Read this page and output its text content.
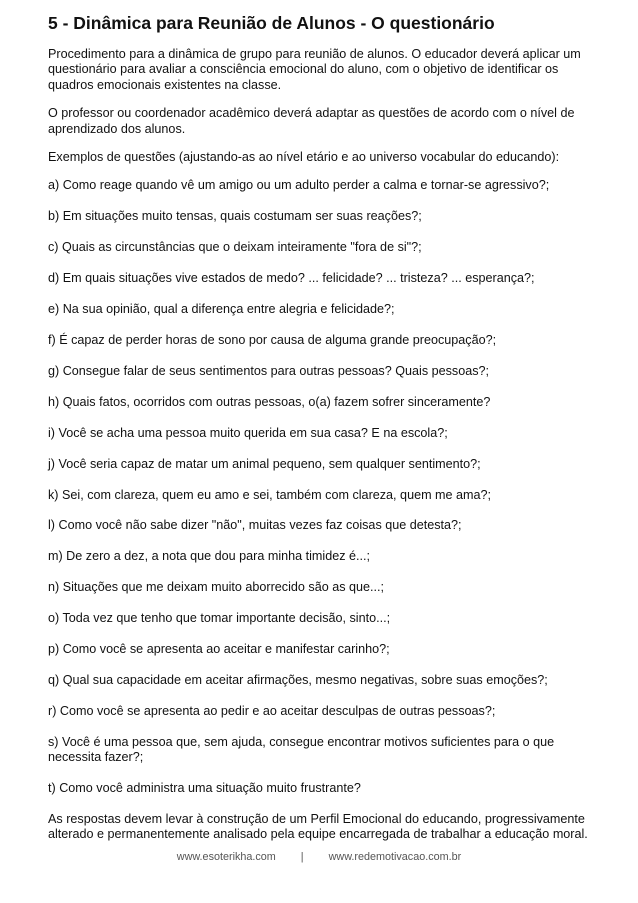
5 - Dinâmica para Reunião de Alunos - O questionário

Procedimento para a dinâmica de grupo para reunião de alunos. O educador deverá aplicar um questionário para avaliar a consciência emocional do aluno, com o objetivo de identificar os quadros emocionais existentes na classe.

O professor ou coordenador acadêmico deverá adaptar as questões de acordo com o nível de aprendizado dos alunos.

Exemplos de questões (ajustando-as ao nível etário e ao universo vocabular do educando):

a) Como reage quando vê um amigo ou um adulto perder a calma e tornar-se agressivo?;

b) Em situações muito tensas, quais costumam ser suas reações?;

c) Quais as circunstâncias que o deixam inteiramente "fora de si"?;

d) Em quais situações vive estados de medo? ... felicidade? ... tristeza? ... esperança?;

e) Na sua opinião, qual a diferença entre alegria e felicidade?;

f) É capaz de perder horas de sono por causa de alguma grande preocupação?;

g) Consegue falar de seus sentimentos para outras pessoas? Quais pessoas?;

h) Quais fatos, ocorridos com outras pessoas, o(a) fazem sofrer sinceramente?

i) Você se acha uma pessoa muito querida em sua casa? E na escola?;

j) Você seria capaz de matar um animal pequeno, sem qualquer sentimento?;

k) Sei, com clareza, quem eu amo e sei, também com clareza, quem me ama?;

l) Como você não sabe dizer "não", muitas vezes faz coisas que detesta?;

m) De zero a dez, a nota que dou para minha timidez é...;

n) Situações que me deixam muito aborrecido são as que...;

o) Toda vez que tenho que tomar importante decisão, sinto...;

p) Como você se apresenta ao aceitar e manifestar carinho?;

q) Qual sua capacidade em aceitar afirmações, mesmo negativas, sobre suas emoções?;

r) Como você se apresenta ao pedir e ao aceitar desculpas de outras pessoas?;

s) Você é uma pessoa que, sem ajuda, consegue encontrar motivos suficientes para o que necessita fazer?;

t) Como você administra uma situação muito frustrante?

As respostas devem levar à construção de um Perfil Emocional do educando, progressivamente alterado e permanentemente analisado pela equipe encarregada de trabalhar a educação moral.

www.esoterikha.com | www.redemotivacao.com.br
